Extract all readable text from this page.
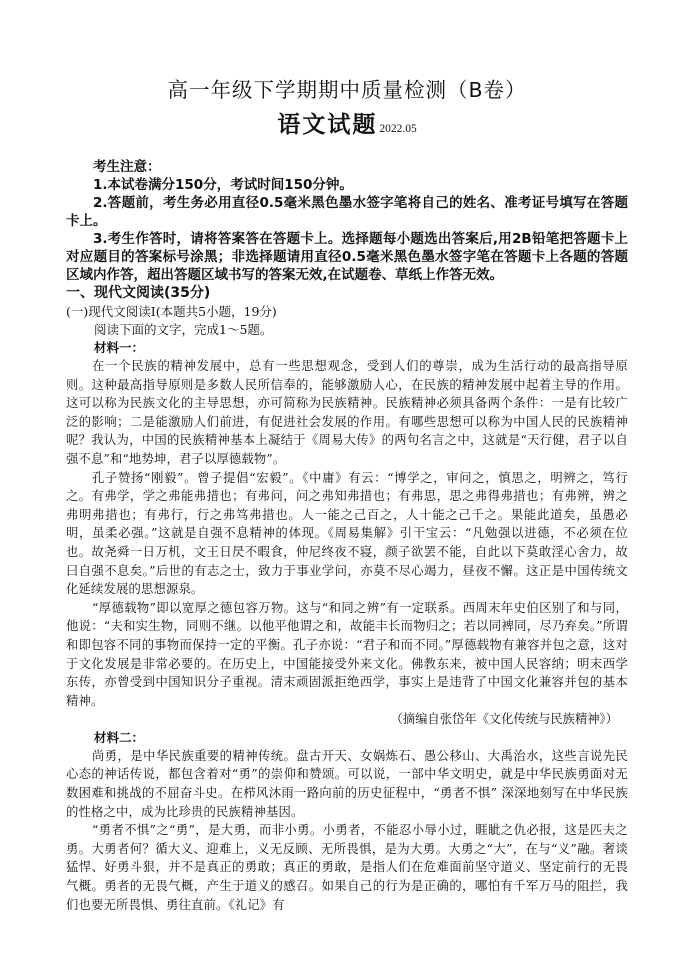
高一年级下学期期中质量检测（B卷）
语文试题 2022.05

考生注意：

1.本试卷满分150分，考试时间150分钟。

2.答题前，考生务必用直径0.5毫米黑色墨水签字笔将自己的姓名、准考证号填写在答题卡上。

3.考生作答时，请将答案答在答题卡上。选择题每小题选出答案后,用2B铅笔把答题卡上对应题目的答案标号涂黑；非选择题请用直径0.5毫米黑色墨水签字笔在答题卡上各题的答题区域内作答，超出答题区域书写的答案无效,在试题卷、草纸上作答无效。

一、现代文阅读(35分)

(一)现代文阅读Ⅰ(本题共5小题，19分)

阅读下面的文字，完成1～5题。

材料一：

在一个民族的精神发展中，总有一些思想观念，受到人们的尊崇，成为生活行动的最高指导原则。这种最高指导原则是多数人民所信奉的，能够激励人心，在民族的精神发展中起着主导的作用。这可以称为民族文化的主导思想，亦可简称为民族精神。民族精神必须具备两个条件：一是有比较广泛的影响；二是能激励人们前进，有促进社会发展的作用。有哪些思想可以称为中国人民的民族精神呢？我认为，中国的民族精神基本上凝结于《周易大传》的两句名言之中，这就是“天行健，君子以自强不息”和“地势坤，君子以厚德载物”。

孔子赞扬“刚毅”。曾子提倡“宏毅”。《中庸》有云：“博学之，审问之，慎思之，明辨之，笃行之。有弗学，学之弗能弗措也；有弗问，问之弗知弗措也；有弗思，思之弗得弗措也；有弗辨，辨之弗明弗措也；有弗行，行之弗笃弗措也。人一能之己百之，人十能之己千之。果能此道矣，虽愚必明，虽柔必强。”这就是自强不息精神的体现。《周易集解》引干宝云：“凡勉强以进德，不必须在位也。故尧舜一日万机，文王日昃不暇食，仲尼终夜不寝，颜子欲罢不能，自此以下莫敢淫心舍力，故曰自强不息矣。”后世的有志之士，致力于事业学问，亦莫不尽心竭力，昼夜不懈。这正是中国传统文化延续发展的思想源泉。

“厚德载物”即以宽厚之德包容万物。这与“和同之辨”有一定联系。西周末年史伯区别了和与同，他说：“夫和实生物，同则不继。以他平他谓之和，故能丰长而物归之；若以同裨同，尽乃弃矣。”所谓和即包容不同的事物而保持一定的平衡。孔子亦说：“君子和而不同。”厚德载物有兼容并包之意，这对于文化发展是非常必要的。在历史上，中国能接受外来文化。佛教东来，被中国人民容纳；明末西学东传，亦曾受到中国知识分子重视。清末顽固派拒绝西学，事实上是违背了中国文化兼容并包的基本精神。

（摘编自张岱年《文化传统与民族精神》）

材料二：

尚勇，是中华民族重要的精神传统。盘古开天、女娲炼石、愚公移山、大禹治水，这些言说先民心态的神话传说，都包含着对“勇”的崇仰和赞颂。可以说，一部中华文明史，就是中华民族勇面对无数困难和挑战的不屈奋斗史。在栉风沐雨一路向前的历史征程中，“勇者不惧” 深深地刻写在中华民族的性格之中，成为比珍贵的民族精神基因。

“勇者不惧”之“勇”，是大勇，而非小勇。小勇者，不能忍小辱小过，睚眦之仇必报，这是匹夫之勇。大勇者何？循大义、迎难上，义无反顾、无所畏惧，是为大勇。大勇之“大”，在与“义”融。奢谈猛悍、好勇斗狠，并不是真正的勇敢；真正的勇敢，是指人们在危难面前坚守道义、坚定前行的无畏气概。勇者的无畏气概，产生于道义的感召。如果自己的行为是正确的，哪怕有千军万马的阻拦，我们也要无所畏惧、勇往直前。《礼记》有
